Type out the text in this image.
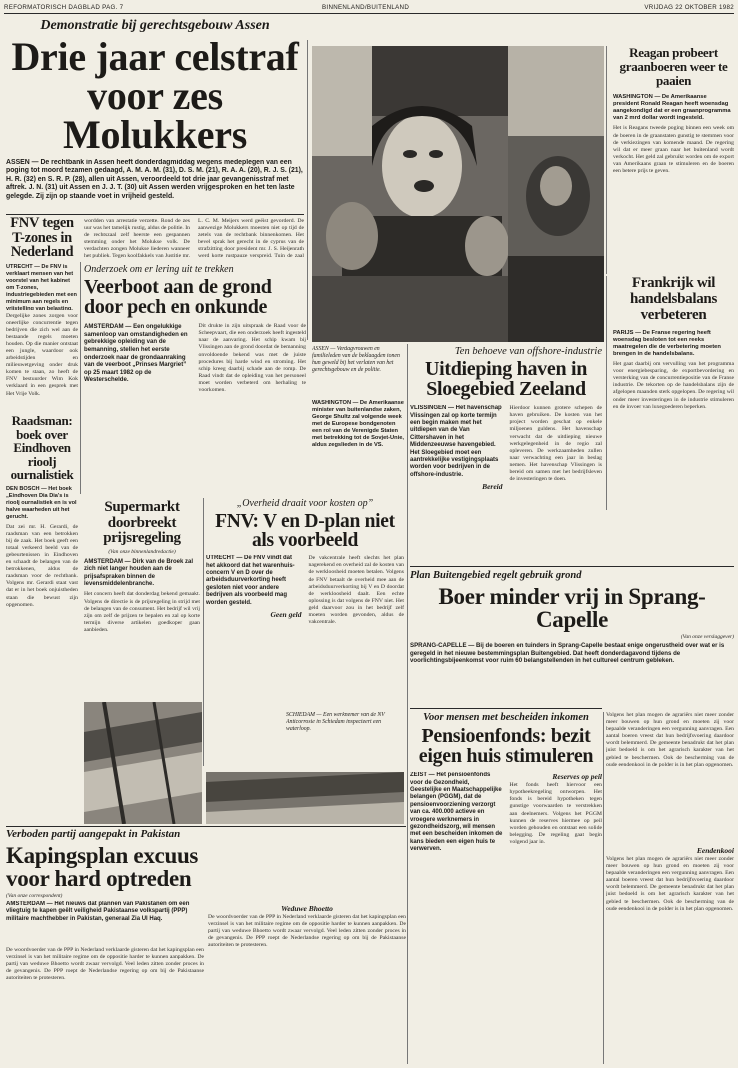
REFORMATORISCH DAGBLAD PAG. 7	BINNENLAND/BUITENLAND	VRIJDAG 22 OKTOBER 1982
Demonstratie bij gerechtsgebouw Assen
Drie jaar celstraf
voor zes Molukkers
ASSEN — De rechtbank in Assen heeft donderdagmiddag wegens medeplegen van een poging tot moord tezamen gedaagd, A. M. A. M. (31), D. S. M. (21), R. A. A. (20), R. J. S. (21), H. R. (32) en S. R. P. (28), allen uit Assen, veroordeeld tot drie jaar gevangenisstraf met aftrek. J. N. (31) uit Assen en J. J. T. (30) uit Assen werden vrijgesproken en het ten laste gelegde. Zij zijn op staande voet in vrijheid gesteld.
FNV tegen T-zones in Nederland
UTRECHT — De FNV is verklaart mensen van het voorstel van het kabinet om T-zones, industriegebieden met een minimum aan regels en vrijstelling van belasting,
Dergelijke zones zorgen voor oneerlijke concurrentie tegen bedrijven die zich wel aan de bestaande regels moeten houden. Op die manier ontstaat een jungle, waardoor ook arbeidstijden en milieuwetgeving onder druk komen te staan, zo heeft de FNV bestuurder Wim Kok verklaard in een gesprek met Het Vrije Volk.
wordden van arrestatie verzette. Rond de zes uur was het tamelijk rustig, aldus de politie. In de rechtszaal zelf heerste een gespannen stemming onder het Molukse volk. De verdachten zongen Molukse liederen wanneer het publiek. Tegen koolfakkels van Justitie mr. L. C. M. Meijers werd geëist gevorderd. De aanwezige Molukkers moesten niet op tijd de zetels van de rechtbank binnenkomen. Het bevel sprak het gerecht in de cyprus van de strafzitting door president mr. J. S. Heijenrath werd korte rustpauze verspreid. Tuin de zaal
Onderzoek om er lering uit te trekken
Veerboot aan de grond door pech en onkunde
AMSTERDAM — Een ongelukkige samenloop van omstandigheden en gebrekkige opleiding van de bemanning, stellen het eerste onderzoek naar de grondaanraking van de veerboot „Prinses Margriet” op 25 maart 1982 op de Westerschelde.
Dit drukte in zijn uitspraak de Raad voor de Scheepvaart, die een onderzoek heeft ingesteld naar de aanvaring. Het schip kwam bij Vlissingen aan de grond doordat de bemanning onvoldoende bekend was met de juiste procedures bij harde wind en stroming. Het schip kreeg daarbij schade aan de romp. De Raad vindt dat de opleiding van het personeel moet worden verbeterd om herhaling te voorkomen.
Raadsman: boek over Eindhoven rioolj ournalistiek
DEN BOSCH — Het boek „Eindhoven Dia Dia's is rioolj ournalistiek en is vol halve waarheden uit het gerucht.
Dat zei mr. H. Gerardi, de raadsman van een betrokken bij de zaak. Het boek geeft een totaal verkeerd beeld van de gebeurtenissen in Eindhoven en schaadt de belangen van de betrokkenen, aldus de raadsman voor de rechtbank. Volgens mr. Gerardi staat vast dat er in het boek onjuistheden staan die bewust zijn opgenomen.
Reagan probeert graanboeren weer te paaien
WASHINGTON — De Amerikaanse president Ronald Reagan heeft woensdag aangekondigd dat er een graanprogramma van 2 mrd dollar wordt ingesteld.
Het is Reagans tweede poging binnen een week om de boeren in de graanstaten gunstig te stemmen voor de verkiezingen van komende maand. De regering wil dat er meer graan naar het buitenland wordt verkocht. Het geld zal gebruikt worden om de export van Amerikaans graan te stimuleren en de boeren een betere prijs te geven.
Frankrijk wil handelsbalans verbeteren
PARIJS — De Franse regering heeft woensdag besloten tot een reeks maatregelen die de verbetering moeten brengen in de handelsbalans.
Het gaat daarbij om vervulling van het programma voor energiebesparing, de exportbevordering en versterking van de concurrentiepositie van de Franse industrie. De tekorten op de handelsbalans zijn de afgelopen maanden sterk opgelopen. De regering wil onder meer investeringen in de industrie stimuleren en de invoer van luxegoederen beperken.
ASSEN — Verdagvrouwen en familieleden van de beklaagden tonen hun geweld bij het verlaten van het gerechtsgebouw en de politie.
WASHINGTON — De Amerikaanse minister van buitenlandse zaken, George Shultz zal volgende week met de Europese bondgenoten een rol van de Verenigde Staten met betrekking tot de Sovjet-Unie, aldus zegslieden in de VS.
Ten behoeve van offshore-industrie
Uitdieping haven in Sloegebied Zeeland
VLISSINGEN — Het havenschap Vlissingen zal op korte termijn een begin maken met het uitdiepen van de Van Cittershaven in het Middenzeeuwse havengebied. Het Sloegebied moet een aantrekkelijke vestigingsplaats worden voor bedrijven in de offshore-industrie.
Bereid
Hierdoor kunnen grotere schepen de haven gebruiken. De kosten van het project worden geschat op enkele miljoenen guldens. Het havenschap verwacht dat de uitdieping nieuwe werkgelegenheid in de regio zal opleveren. De werkzaamheden zullen naar verwachting een jaar in beslag nemen. Het havenschap Vlissingen is bereid om samen met het bedrijfsleven de investeringen te doen.
„Overheid draait voor kosten op”
FNV: V en D-plan niet als voorbeeld
UTRECHT — De FNV vindt dat het akkoord dat het warenhuis-concern V en D over de arbeidsduurverkorting heeft gesloten niet voor andere bedrijven als voorbeeld mag worden gesteld.
Geen geld
De vakcentrale heeft slechts het plan nagerekend en overheid zal de kosten van de werkloosheid moeten betalen. Volgens de FNV betaalt de overheid mee aan de arbeidsduurverkorting bij V en D doordat de werkloosheid daalt. Een echte oplossing is dat volgens de FNV niet. Het geld daarvoor zou in het bedrijf zelf moeten worden gevonden, aldus de vakcentrale.
Supermarkt doorbreekt prijsregeling
(Van onze binnenlandredactie)
AMSTERDAM — Dirk van de Broek zal zich niet langer houden aan de prijsafspraken binnen de levensmiddelenbranche.
Het concern heeft dat donderdag bekend gemaakt. Volgens de directie is de prijsregeling in strijd met de belangen van de consument. Het bedrijf wil vrij zijn om zelf de prijzen te bepalen en zal op korte termijn diverse artikelen goedkoper gaan aanbieden.
SCHIEDAM — Een werknemer van de NV Anticorrosie in Schiedam inspecteert een waterloop.
Verboden partij aangepakt in Pakistan
Kapingsplan excuus voor hard optreden
(Van onze correspondent)
AMSTERDAM — Het nieuws dat plannen van Pakistanen om een vliegtuig te kapen geëlt veiligheid Pakistaanse volkspartij (PPP) militaire machthebber in Pakistan, generaal Zia Ul Haq.
De woordvoerder van de PPP in Nederland verklaarde gisteren dat het kapingsplan een verzinsel is van het militaire regime om de oppositie harder te kunnen aanpakken. De partij van weduwe Bhoetto wordt zwaar vervolgd. Veel leden zitten zonder proces in de gevangenis. De PPP roept de Nederlandse regering op om bij de Pakistaanse autoriteiten te protesteren.
Weduwe Bhoetto
De woordvoerder van de PPP in Nederland verklaarde gisteren dat het kapingsplan een verzinsel is van het militaire regime om de oppositie harder te kunnen aanpakken. De partij van weduwe Bhoetto wordt zwaar vervolgd. Veel leden zitten zonder proces in de gevangenis. De PPP roept de Nederlandse regering op om bij de Pakistaanse autoriteiten te protesteren.
Voor mensen met bescheiden inkomen
Pensioenfonds: bezit eigen huis stimuleren
ZEIST — Het pensioenfonds voor de Gezondheid, Geestelijke en Maatschappelijke belangen (PGGM), dat de pensioenvoorziening verzorgt van ca. 400.000 actieve en vroegere werknemers in gezondheidszorg, wil mensen met een bescheiden inkomen de kans bieden een eigen huis te verwerven.
Reserves op peil
Het fonds heeft hiervoor een hypotheekregeling ontworpen. Het fonds is bereid hypotheken tegen gunstige voorwaarden te verstrekken aan deelnemers. Volgens het PGGM kunnen de reserves hiermee op peil worden gehouden en ontstaat een solide belegging. De regeling gaat begin volgend jaar in.
Plan Buitengebied regelt gebruik grond
Boer minder vrij in Sprang-Capelle
(Van onze verslaggever)
SPRANG-CAPELLE — Bij de boeren en tuinders in Sprang-Capelle bestaat enige ongerustheid over wat er is geregeld in het nieuwe bestemmingsplan Buitengebied. Dat heeft donderdagavond tijdens de voorlichtingsbijeenkomst voor ruim 60 belangstellenden in het cultureel centrum gebleken.
Volgens het plan mogen de agrariërs niet meer zonder meer bouwen op hun grond en moeten zij voor bepaalde veranderingen een vergunning aanvragen. Een aantal boeren vreest dat hun bedrijfsvoering daardoor wordt belemmerd. De gemeente benadrukt dat het plan juist bedoeld is om het agrarisch karakter van het gebied te beschermen. Ook de bescherming van de oude eendenkooi in de polder is in het plan opgenomen.
Eendenkooi
Volgens het plan mogen de agrariërs niet meer zonder meer bouwen op hun grond en moeten zij voor bepaalde veranderingen een vergunning aanvragen. Een aantal boeren vreest dat hun bedrijfsvoering daardoor wordt belemmerd. De gemeente benadrukt dat het plan juist bedoeld is om het agrarisch karakter van het gebied te beschermen. Ook de bescherming van de oude eendenkooi in de polder is in het plan opgenomen.
